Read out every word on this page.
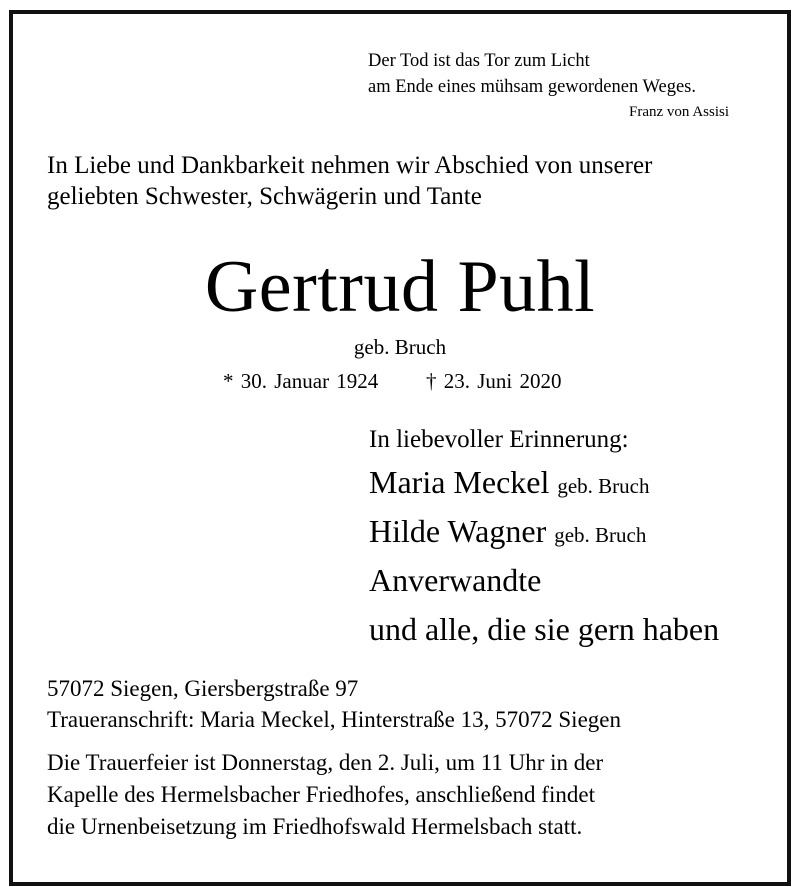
Der Tod ist das Tor zum Licht
am Ende eines mühsam gewordenen Weges.
Franz von Assisi
In Liebe und Dankbarkeit nehmen wir Abschied von unserer
geliebten Schwester, Schwägerin und Tante
Gertrud Puhl
geb. Bruch
* 30. Januar 1924 † 23. Juni 2020
In liebevoller Erinnerung:
Maria Meckel geb. Bruch
Hilde Wagner geb. Bruch
Anverwandte
und alle, die sie gern haben
57072 Siegen, Giersbergstraße 97
Traueranschrift: Maria Meckel, Hinterstraße 13, 57072 Siegen
Die Trauerfeier ist Donnerstag, den 2. Juli, um 11 Uhr in der
Kapelle des Hermelsbacher Friedhofes, anschließend findet
die Urnenbeisetzung im Friedhofswald Hermelsbach statt.
